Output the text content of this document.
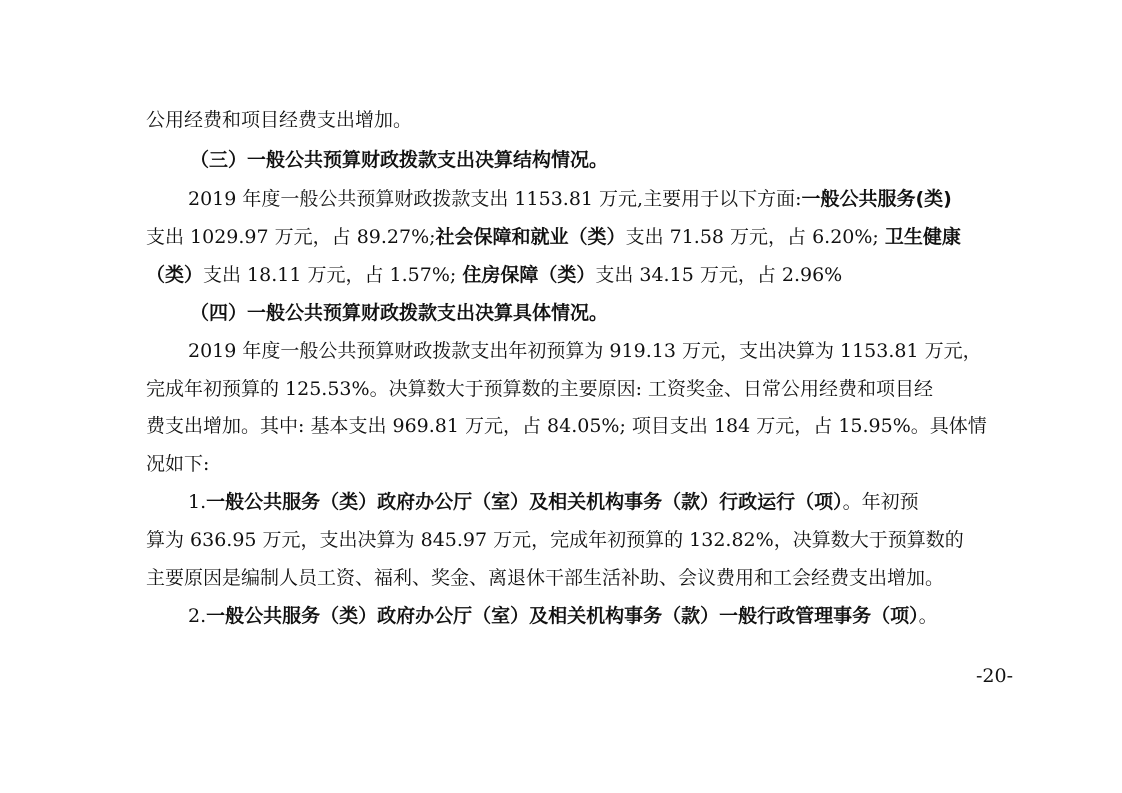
公用经费和项目经费支出增加。
（三）一般公共预算财政拨款支出决算结构情况。
2019 年度一般公共预算财政拨款支出 1153.81 万元,主要用于以下方面:一般公共服务(类)
支出 1029.97 万元，占 89.27%;社会保障和就业（类）支出 71.58 万元，占 6.20%; 卫生健康
（类）支出 18.11 万元，占 1.57%; 住房保障（类）支出 34.15 万元，占 2.96%
（四）一般公共预算财政拨款支出决算具体情况。
2019 年度一般公共预算财政拨款支出年初预算为 919.13 万元，支出决算为 1153.81 万元，
完成年初预算的 125.53%。决算数大于预算数的主要原因: 工资奖金、日常公用经费和项目经
费支出增加。其中: 基本支出 969.81 万元，占 84.05%; 项目支出 184 万元，占 15.95%。具体情
况如下:
1.一般公共服务（类）政府办公厅（室）及相关机构事务（款）行政运行（项）。年初预
算为 636.95 万元，支出决算为 845.97 万元，完成年初预算的 132.82%，决算数大于预算数的
主要原因是编制人员工资、福利、奖金、离退休干部生活补助、会议费用和工会经费支出增加。
2.一般公共服务（类）政府办公厅（室）及相关机构事务（款）一般行政管理事务（项）。
-20-
